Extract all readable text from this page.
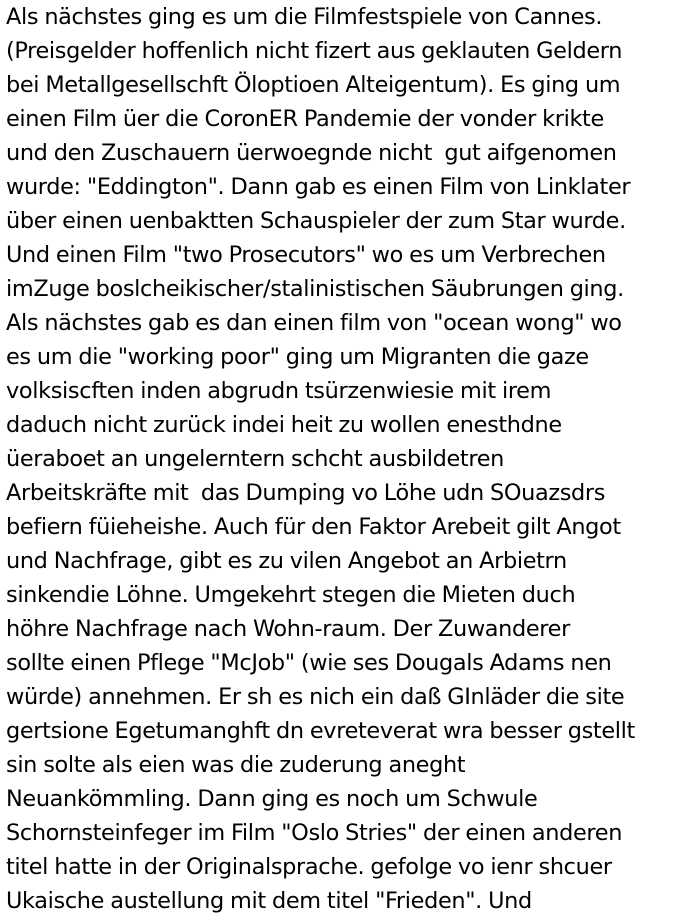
Als nächstes ging es um die Filmfestspiele von Cannes.
(Preisgelder hoffenlich nicht fizert aus geklauten Geldern
bei Metallgesellschft Öloptioen Alteigentum). Es ging um
einen Film üer die CoronER Pandemie der vonder krikte
und den Zuschauern üerwoegnde nicht  gut aifgenomen
wurde: "Eddington". Dann gab es einen Film von Linklater
über einen uenbaktten Schauspieler der zum Star wurde.
Und einen Film "two Prosecutors" wo es um Verbrechen
imZuge boslcheikischer/stalinistischen Säubrungen ging.
Als nächstes gab es dan einen film von "ocean wong" wo
es um die "working poor" ging um Migranten die gaze
volksiscften inden abgrudn tsürzenwiesie mit irem
daduch nicht zurück indei heit zu wollen enesthdne
üeraboet an ungelerntern schcht ausbildetren
Arbeitskräfte mit  das Dumping vo Löhe udn SOuazsdrs
befiern füieheishe. Auch für den Faktor Arebeit gilt Angot
und Nachfrage, gibt es zu vilen Angebot an Arbietrn
sinkendie Löhne. Umgekehrt stegen die Mieten duch
höhre Nachfrage nach Wohn-raum. Der Zuwanderer
sollte einen Pflege "McJob" (wie ses Dougals Adams nen
würde) annehmen. Er sh es nich ein daß GInläder die site
gertsione Egetumanghft dn evreteverat wra besser gstellt
sin solte als eien was die zuderung aneght
Neuankömmling. Dann ging es noch um Schwule
Schornsteinfeger im Film "Oslo Stries" der einen anderen
titel hatte in der Originalsprache. gefolge vo ienr shcuer
Ukaische austellung mit dem titel "Frieden". Und
